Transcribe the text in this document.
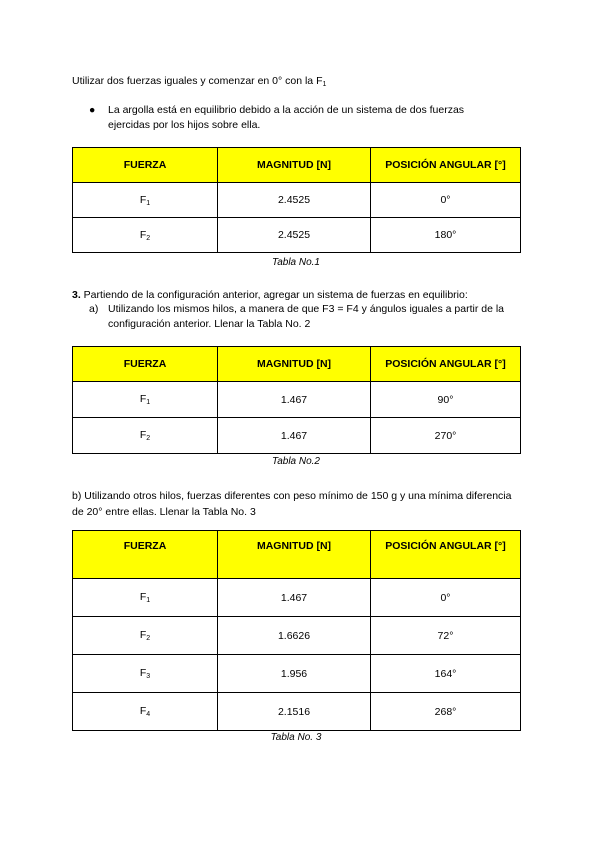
Utilizar dos fuerzas iguales y comenzar en 0° con la $F_1$
● La argolla está en equilibrio debido a la acción de un sistema de dos fuerzas ejercidas por los hijos sobre ella.
FUERZA	MAGNITUD [N]	POSICIÓN ANGULAR [°]
$F_1$	2.4525	0°
$F_2$	2.4525	180°
Tabla No.1
3. Partiendo de la configuración anterior, agregar un sistema de fuerzas en equilibrio:
a) Utilizando los mismos hilos, a manera de que F3 = F4 y ángulos iguales a partir de la configuración anterior. Llenar la Tabla No. 2
FUERZA	MAGNITUD [N]	POSICIÓN ANGULAR [°]
$F_1$	1.467	90°
$F_2$	1.467	270°
Tabla No.2
b) Utilizando otros hilos, fuerzas diferentes con peso mínimo de 150 g y una mínima diferencia de 20° entre ellas. Llenar la Tabla No. 3
FUERZA	MAGNITUD [N]	POSICIÓN ANGULAR [°]
$F_1$	1.467	0°
$F_2$	1.6626	72°
$F_3$	1.956	164°
$F_4$	2.1516	268°
Tabla No. 3
